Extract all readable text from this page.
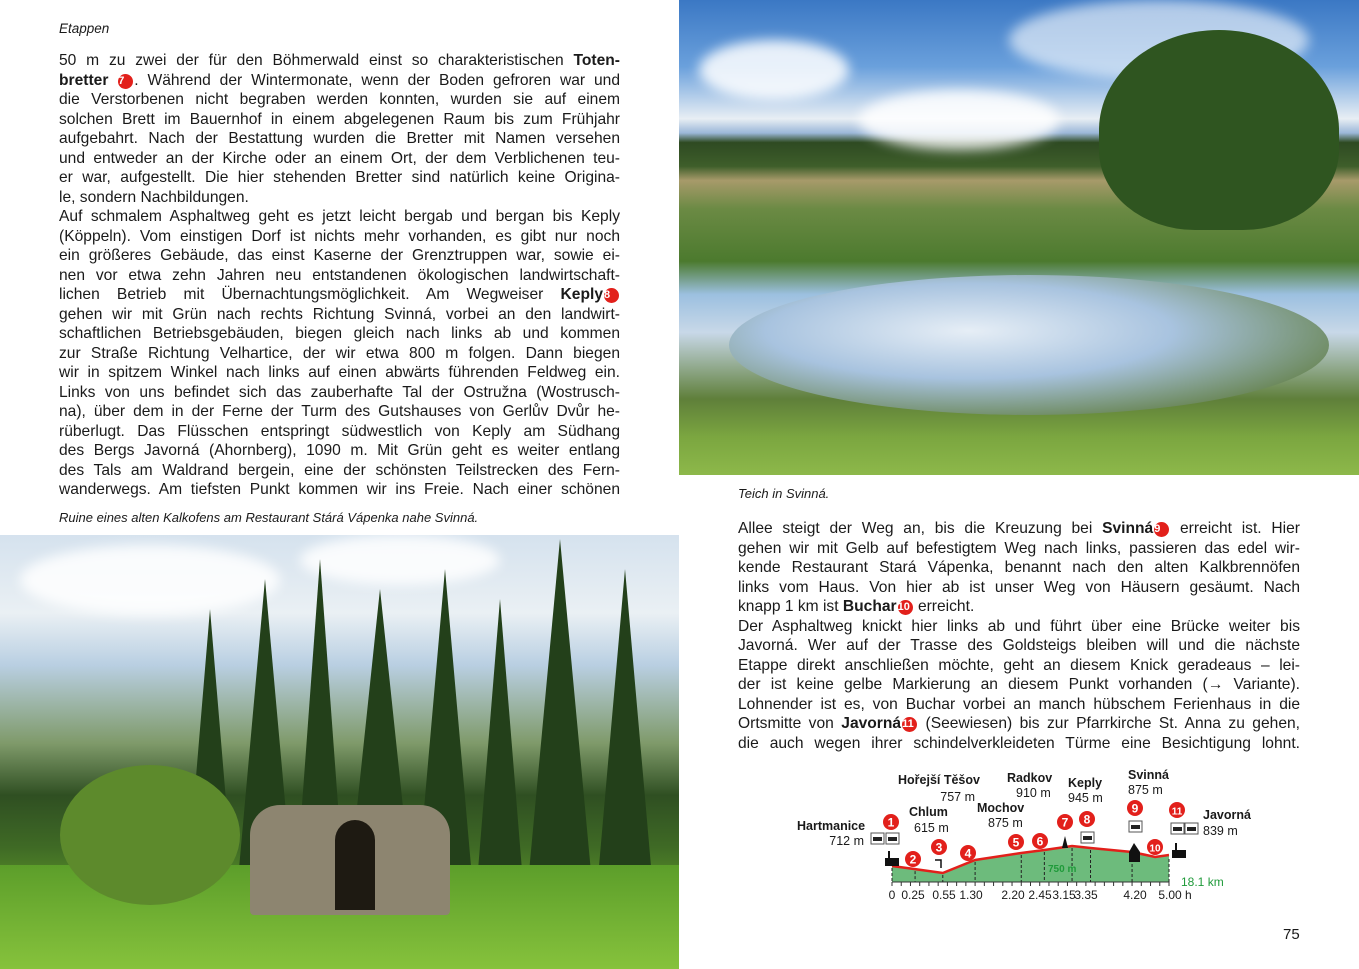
Etappen
50 m zu zwei der für den Böhmerwald einst so charakteristischen Toten-
bretter 7 . Während der Wintermonate, wenn der Boden gefroren war und
die Verstorbenen nicht begraben werden konnten, wurden sie auf einem
solchen Brett im Bauernhof in einem abgelegenen Raum bis zum Frühjahr
aufgebahrt. Nach der Bestattung wurden die Bretter mit Namen versehen
und entweder an der Kirche oder an einem Ort, der dem Verblichenen teu-
er war, aufgestellt. Die hier stehenden Bretter sind natürlich keine Origina-
le, sondern Nachbildungen.
Auf schmalem Asphaltweg geht es jetzt leicht bergab und bergan bis Keply
(Köppeln). Vom einstigen Dorf ist nichts mehr vorhanden, es gibt nur noch
ein größeres Gebäude, das einst Kaserne der Grenztruppen war, sowie ei-
nen vor etwa zehn Jahren neu entstandenen ökologischen landwirtschaft-
lichen Betrieb mit Übernachtungsmöglichkeit. Am Wegweiser Keply8
gehen wir mit Grün nach rechts Richtung Svinná, vorbei an den landwirt-
schaftlichen Betriebsgebäuden, biegen gleich nach links ab und kommen
zur Straße Richtung Velhartice, der wir etwa 800 m folgen. Dann biegen
wir in spitzem Winkel nach links auf einen abwärts führenden Feldweg ein.
Links von uns befindet sich das zauberhafte Tal der Ostružna (Wostrusch-
na), über dem in der Ferne der Turm des Gutshauses von Gerlův Dvůr he-
rüberlugt. Das Flüsschen entspringt südwestlich von Keply am Südhang
des Bergs Javorná (Ahornberg), 1090 m. Mit Grün geht es weiter entlang
des Tals am Waldrand bergein, eine der schönsten Teilstrecken des Fern-
wanderwegs. Am tiefsten Punkt kommen wir ins Freie. Nach einer schönen
Ruine eines alten Kalkofens am Restaurant Stárá Vápenka nahe Svinná.
Teich in Svinná.
Allee steigt der Weg an, bis die Kreuzung bei Svinná9 erreicht ist. Hier
gehen wir mit Gelb auf befestigtem Weg nach links, passieren das edel wir-
kende Restaurant Stará Vápenka, benannt nach den alten Kalkbrennöfen
links vom Haus. Von hier ab ist unser Weg von Häusern gesäumt. Nach
knapp 1 km ist Buchar10 erreicht.
Der Asphaltweg knickt hier links ab und führt über eine Brücke weiter bis
Javorná. Wer auf der Trasse des Goldsteigs bleiben will und die nächste
Etappe direkt anschließen möchte, geht an diesem Knick geradeaus – lei-
der ist keine gelbe Markierung an diesem Punkt vorhanden (→ Variante).
Lohnender ist es, von Buchar vorbei an manch hübschem Ferienhaus in die
Ortsmitte von Javorná11 (Seewiesen) bis zur Pfarrkirche St. Anna zu gehen,
die auch wegen ihrer schindelverkleideten Türme eine Besichtigung lohnt.
0 0.25 0.55 1.30 2.20 2.45 3.15
3.35 4.20 5.00 h
1
2
3 4
5 6
7 8
9
10
11
Hartmanice
712 m
Hořejší Těšov
757 m
Chlum
615 m
Radkov
910 m
Mochov
875 m
Keply
945 m
Svinná
875 m
Javorná
839 m
750 m
18.1 km
75
